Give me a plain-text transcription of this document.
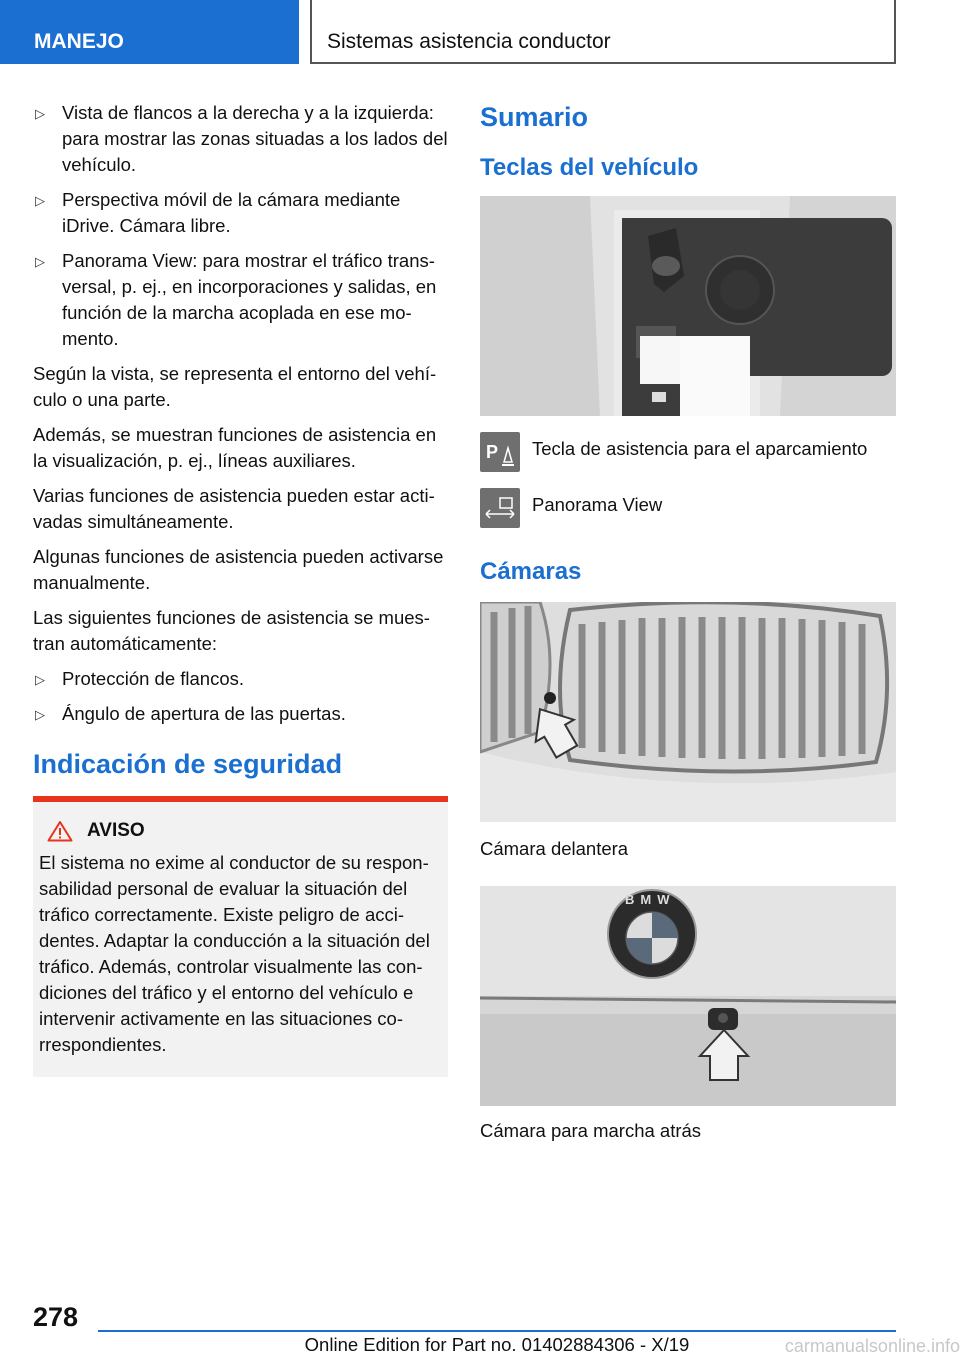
MANEJO	Sistemas asistencia conductor
▷ Vista de flancos a la derecha y a la izquierda: para mostrar las zonas situadas a los lados del vehículo.
▷ Perspectiva móvil de la cámara mediante iDrive. Cámara libre.
▷ Panorama View: para mostrar el tráfico transversal, p. ej., en incorporaciones y salidas, en función de la marcha acoplada en ese momento.

Según la vista, se representa el entorno del vehículo o una parte.

Además, se muestran funciones de asistencia en la visualización, p. ej., líneas auxiliares.

Varias funciones de asistencia pueden estar activadas simultáneamente.

Algunas funciones de asistencia pueden activarse manualmente.

Las siguientes funciones de asistencia se muestran automáticamente:

▷ Protección de flancos.
▷ Ángulo de apertura de las puertas.
Indicación de seguridad
AVISO
El sistema no exime al conductor de su responsabilidad personal de evaluar la situación del tráfico correctamente. Existe peligro de accidentes. Adaptar la conducción a la situación del tráfico. Además, controlar visualmente las condiciones del tráfico y el entorno del vehículo e intervenir activamente en las situaciones correspondientes.
Sumario
Teclas del vehículo
P Tecla de asistencia para el aparcamiento
Panorama View
Cámaras
Cámara delantera
BMW
Cámara para marcha atrás
278
Online Edition for Part no. 01402884306 - X/19	carmanualsonline.info
